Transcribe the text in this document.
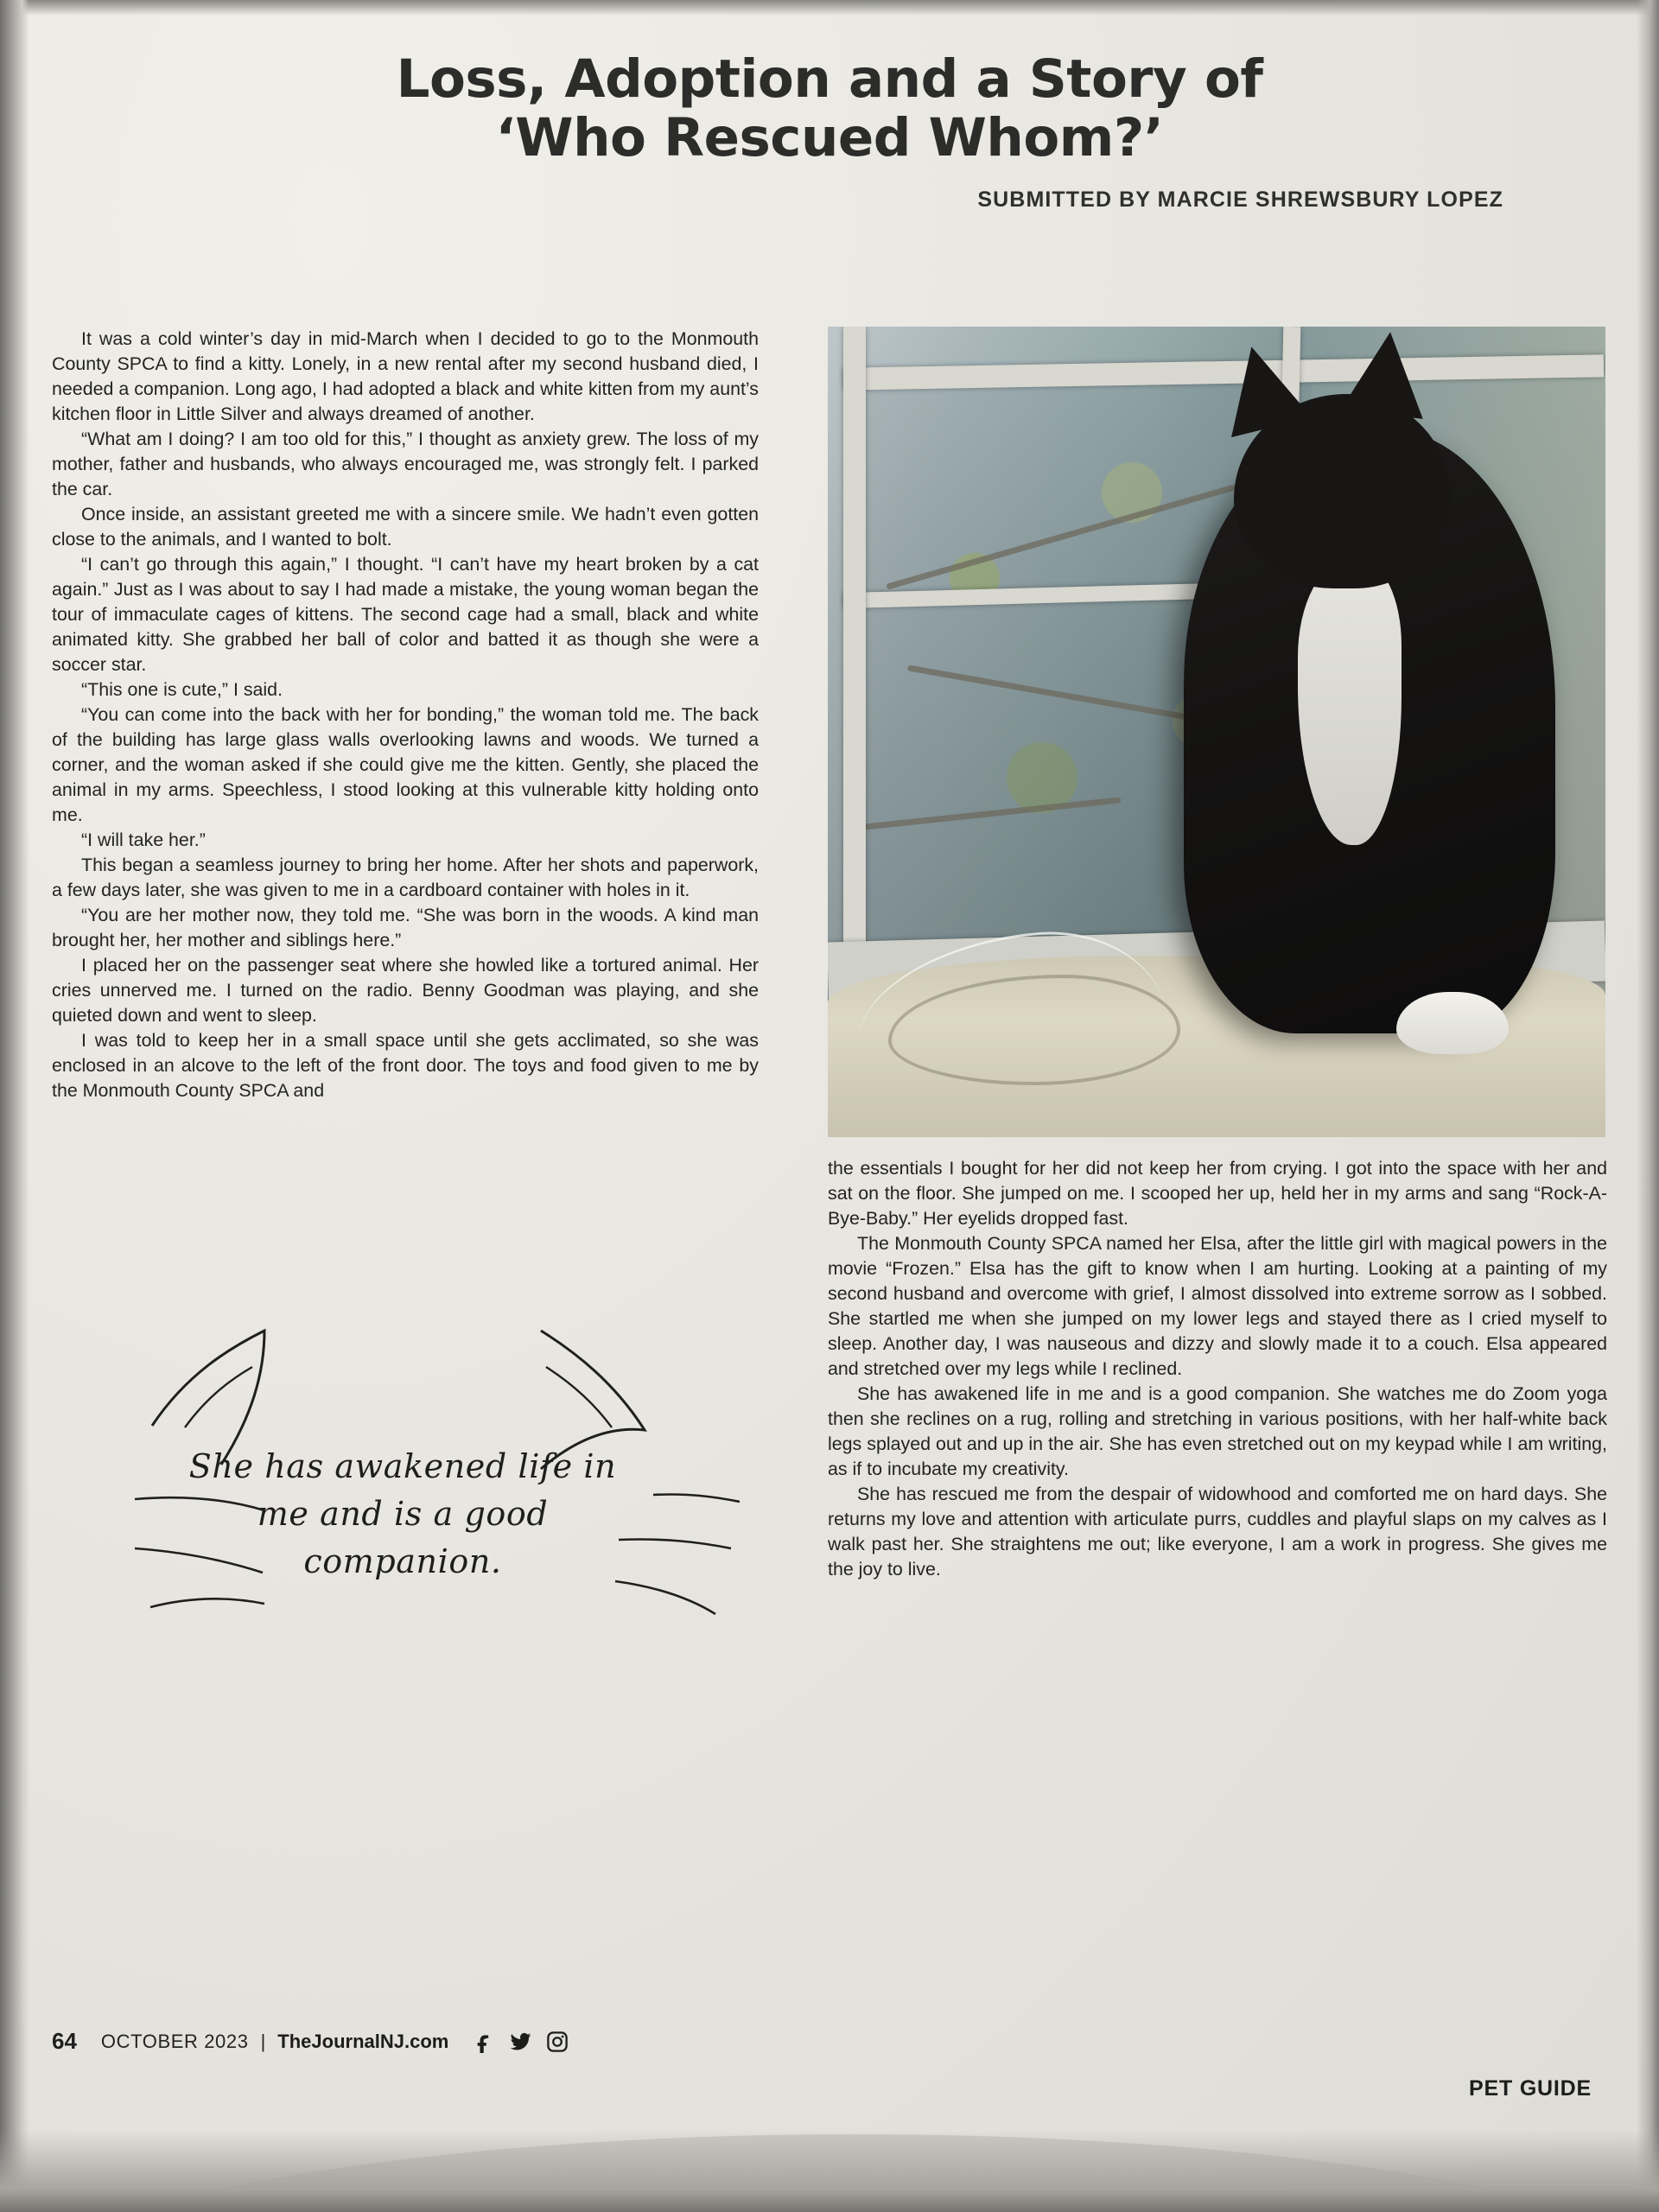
Loss, Adoption and a Story of
‘Who Rescued Whom?’
SUBMITTED BY MARCIE SHREWSBURY LOPEZ

It was a cold winter’s day in mid-March when I decided to go to the Monmouth County SPCA to find a kitty. Lonely, in a new rental after my second husband died, I needed a companion. Long ago, I had adopted a black and white kitten from my aunt’s kitchen floor in Little Silver and always dreamed of another.

“What am I doing? I am too old for this,” I thought as anxiety grew. The loss of my mother, father and husbands, who always encouraged me, was strongly felt. I parked the car.

Once inside, an assistant greeted me with a sincere smile. We hadn’t even gotten close to the animals, and I wanted to bolt.

“I can’t go through this again,” I thought. “I can’t have my heart broken by a cat again.” Just as I was about to say I had made a mistake, the young woman began the tour of immaculate cages of kittens. The second cage had a small, black and white animated kitty. She grabbed her ball of color and batted it as though she were a soccer star.

“This one is cute,” I said.

“You can come into the back with her for bonding,” the woman told me. The back of the building has large glass walls overlooking lawns and woods. We turned a corner, and the woman asked if she could give me the kitten. Gently, she placed the animal in my arms. Speechless, I stood looking at this vulnerable kitty holding onto me.

“I will take her.”

This began a seamless journey to bring her home. After her shots and paperwork, a few days later, she was given to me in a cardboard container with holes in it.

“You are her mother now, they told me. “She was born in the woods. A kind man brought her, her mother and siblings here.”

I placed her on the passenger seat where she howled like a tortured animal. Her cries unnerved me. I turned on the radio. Benny Goodman was playing, and she quieted down and went to sleep.

I was told to keep her in a small space until she gets acclimated, so she was enclosed in an alcove to the left of the front door. The toys and food given to me by the Monmouth County SPCA and

the essentials I bought for her did not keep her from crying. I got into the space with her and sat on the floor. She jumped on me. I scooped her up, held her in my arms and sang “Rock-A-Bye-Baby.” Her eyelids dropped fast.

The Monmouth County SPCA named her Elsa, after the little girl with magical powers in the movie “Frozen.” Elsa has the gift to know when I am hurting. Looking at a painting of my second husband and overcome with grief, I almost dissolved into extreme sorrow as I sobbed. She startled me when she jumped on my lower legs and stayed there as I cried myself to sleep. Another day, I was nauseous and dizzy and slowly made it to a couch. Elsa appeared and stretched over my legs while I reclined.

She has awakened life in me and is a good companion. She watches me do Zoom yoga then she reclines on a rug, rolling and stretching in various positions, with her half-white back legs splayed out and up in the air. She has even stretched out on my keypad while I am writing, as if to incubate my creativity.

She has rescued me from the despair of widowhood and comforted me on hard days. She returns my love and attention with articulate purrs, cuddles and playful slaps on my calves as I walk past her. She straightens me out; like everyone, I am a work in progress. She gives me the joy to live.

She has awakened life in me and is a good companion.
64 OCTOBER 2023 | TheJournalNJ.com
PET GUIDE
